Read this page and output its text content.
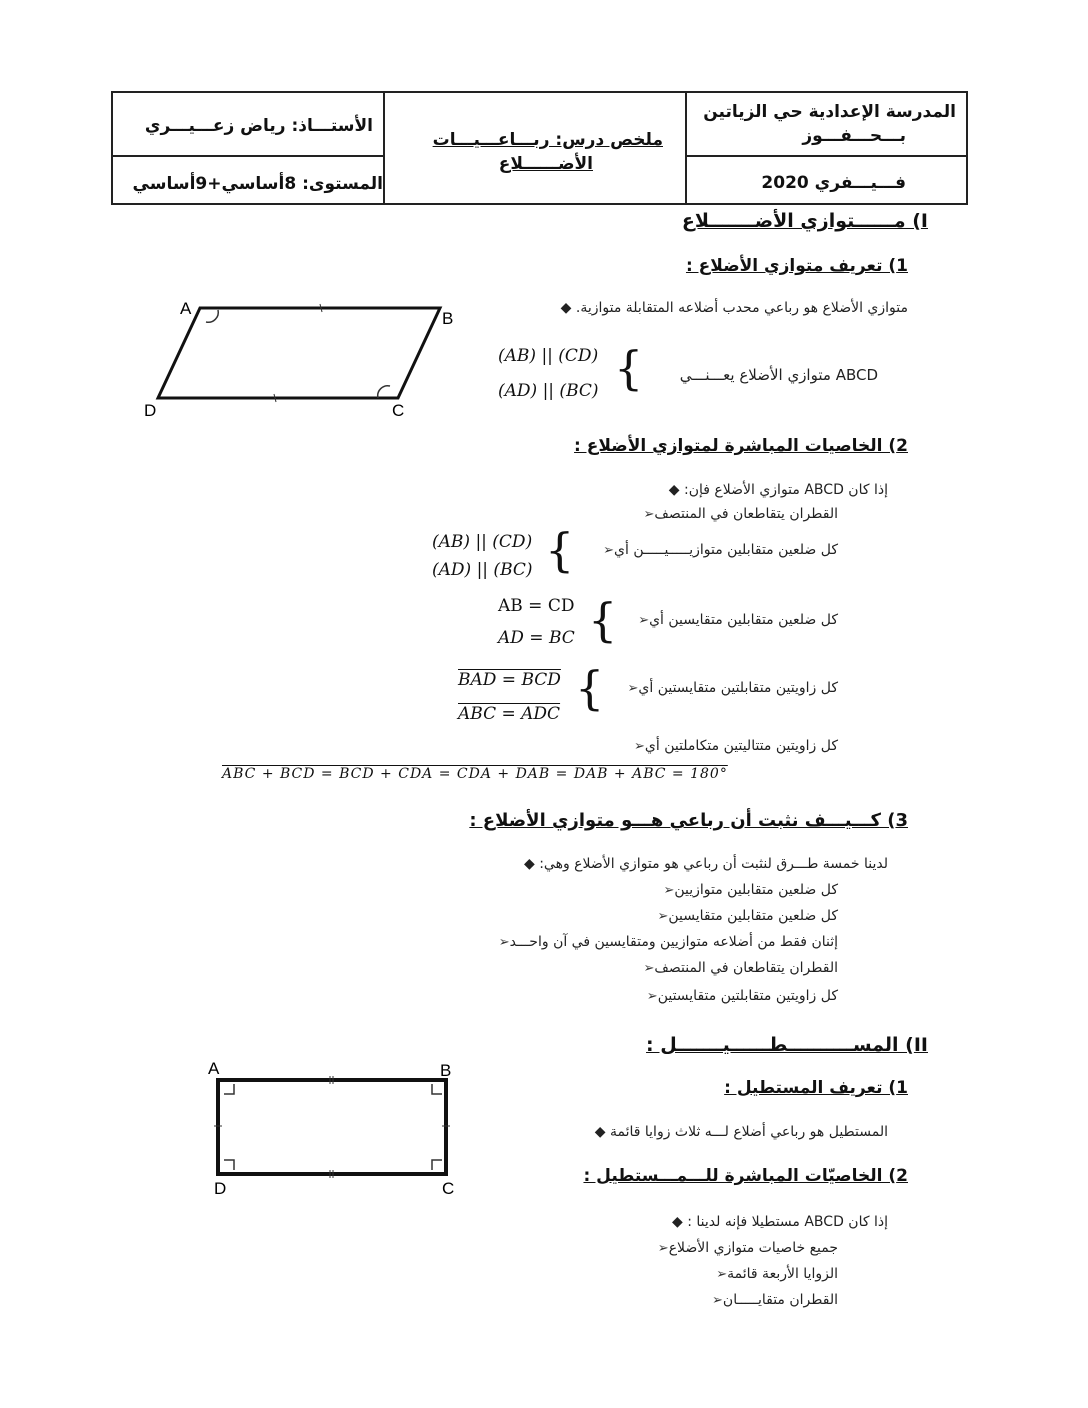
المدرسة الإعدادية حي الزياتين
بـــحـــفـــوز
فـــيـــفري 2020
ملخص درس: ربـــاعـــيـــات
الأضــــــلاع
الأستـــاذ: رياض زعـــيـــري
المستوى: 8أساسي+9أساسي
I) مــــــتوازي الأضـــــــلاع
1) تعريف متوازي الأضلاع :
A
B
C
D
متوازي الأضلاع هو رباعي محدب أضلاعه المتقابلة متوازية. ◆
ABCD متوازي الأضلاع يعـــنـــي
{
(AB) || (CD)
(AD) || (BC)
2) الخاصيات المباشرة لمتوازي الأضلاع :
إذا كان ABCD متوازي الأضلاع فإن: ◆
القطران يتقاطعان في المنتصف➢
كل ضلعين متقابلين متوازيـــــيـــــن أي➢
{
(AB) || (CD)
(AD) || (BC)
كل ضلعين متقابلين متقايسين أي➢
{
AB = CD
AD = BC
كل زاويتين متقابلتين متقايستين أي➢
{
BAD = BCD
ABC = ADC
كل زاويتين متتاليتين متكاملتين أي➢
ABC + BCD = BCD + CDA = CDA + DAB = DAB + ABC = 180°
3) كـــيـــف نثبت أن رباعي هـــو متوازي الأضلاع :
لدينا خمسة طـــرق لنثبت أن رباعي هو متوازي الأضلاع وهي: ◆
كل ضلعين متقابلين متوازيين➢
كل ضلعين متقابلين متقايسين➢
إثنان فقط من أضلاعه متوازيين ومتقايسين في آن واحـــد➢
القطران يتقاطعان في المنتصف➢
كل زاويتين متقابلتين متقايستين➢
II) المســــــــــطــــــيـــــــل :
A	B
C
D
1) تعريف المستطيل :
المستطيل هو رباعي أضلاع لـــه ثلاث زوايا قائمة ◆
2) الخاصيّات المباشرة للـــمـــستطيل :
إذا كان ABCD مستطيلا فإنه لدينا : ◆
جميع خاصيات متوازي الأضلاع➢
الزوايا الأربعة قائمة➢
القطران متقايـــــان➢
